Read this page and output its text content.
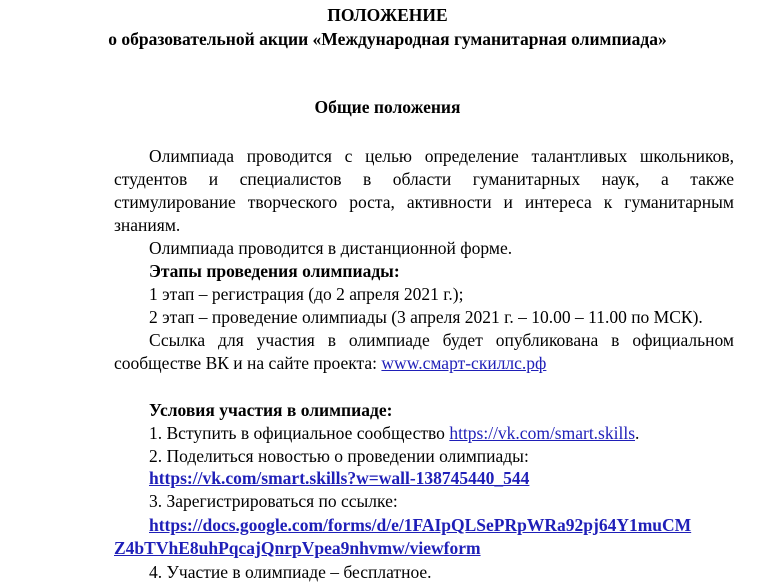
ПОЛОЖЕНИЕ
о образовательной акции «Международная гуманитарная олимпиада»
Общие положения
Олимпиада проводится с целью определение талантливых школьников,
студентов и специалистов в области гуманитарных наук, а также
стимулирование творческого роста, активности и интереса к гуманитарным
знаниям.
Олимпиада проводится в дистанционной форме.
Этапы проведения олимпиады:
1 этап – регистрация (до 2 апреля 2021 г.);
2 этап – проведение олимпиады (3 апреля 2021 г. – 10.00 – 11.00 по МСК).
Ссылка для участия в олимпиаде будет опубликована в официальном
сообществе ВК и на сайте проекта: www.смарт-скиллс.рф
Условия участия в олимпиаде:
1. Вступить в официальное сообщество https://vk.com/smart.skills.
2. Поделиться новостью о проведении олимпиады:
https://vk.com/smart.skills?w=wall-138745440_544
3. Зарегистрироваться по ссылке:
https://docs.google.com/forms/d/e/1FAIpQLSePRpWRa92pj64Y1muCM
Z4bTVhE8uhPqcajQnrpVpea9nhvmw/viewform
4. Участие в олимпиаде – бесплатное.
